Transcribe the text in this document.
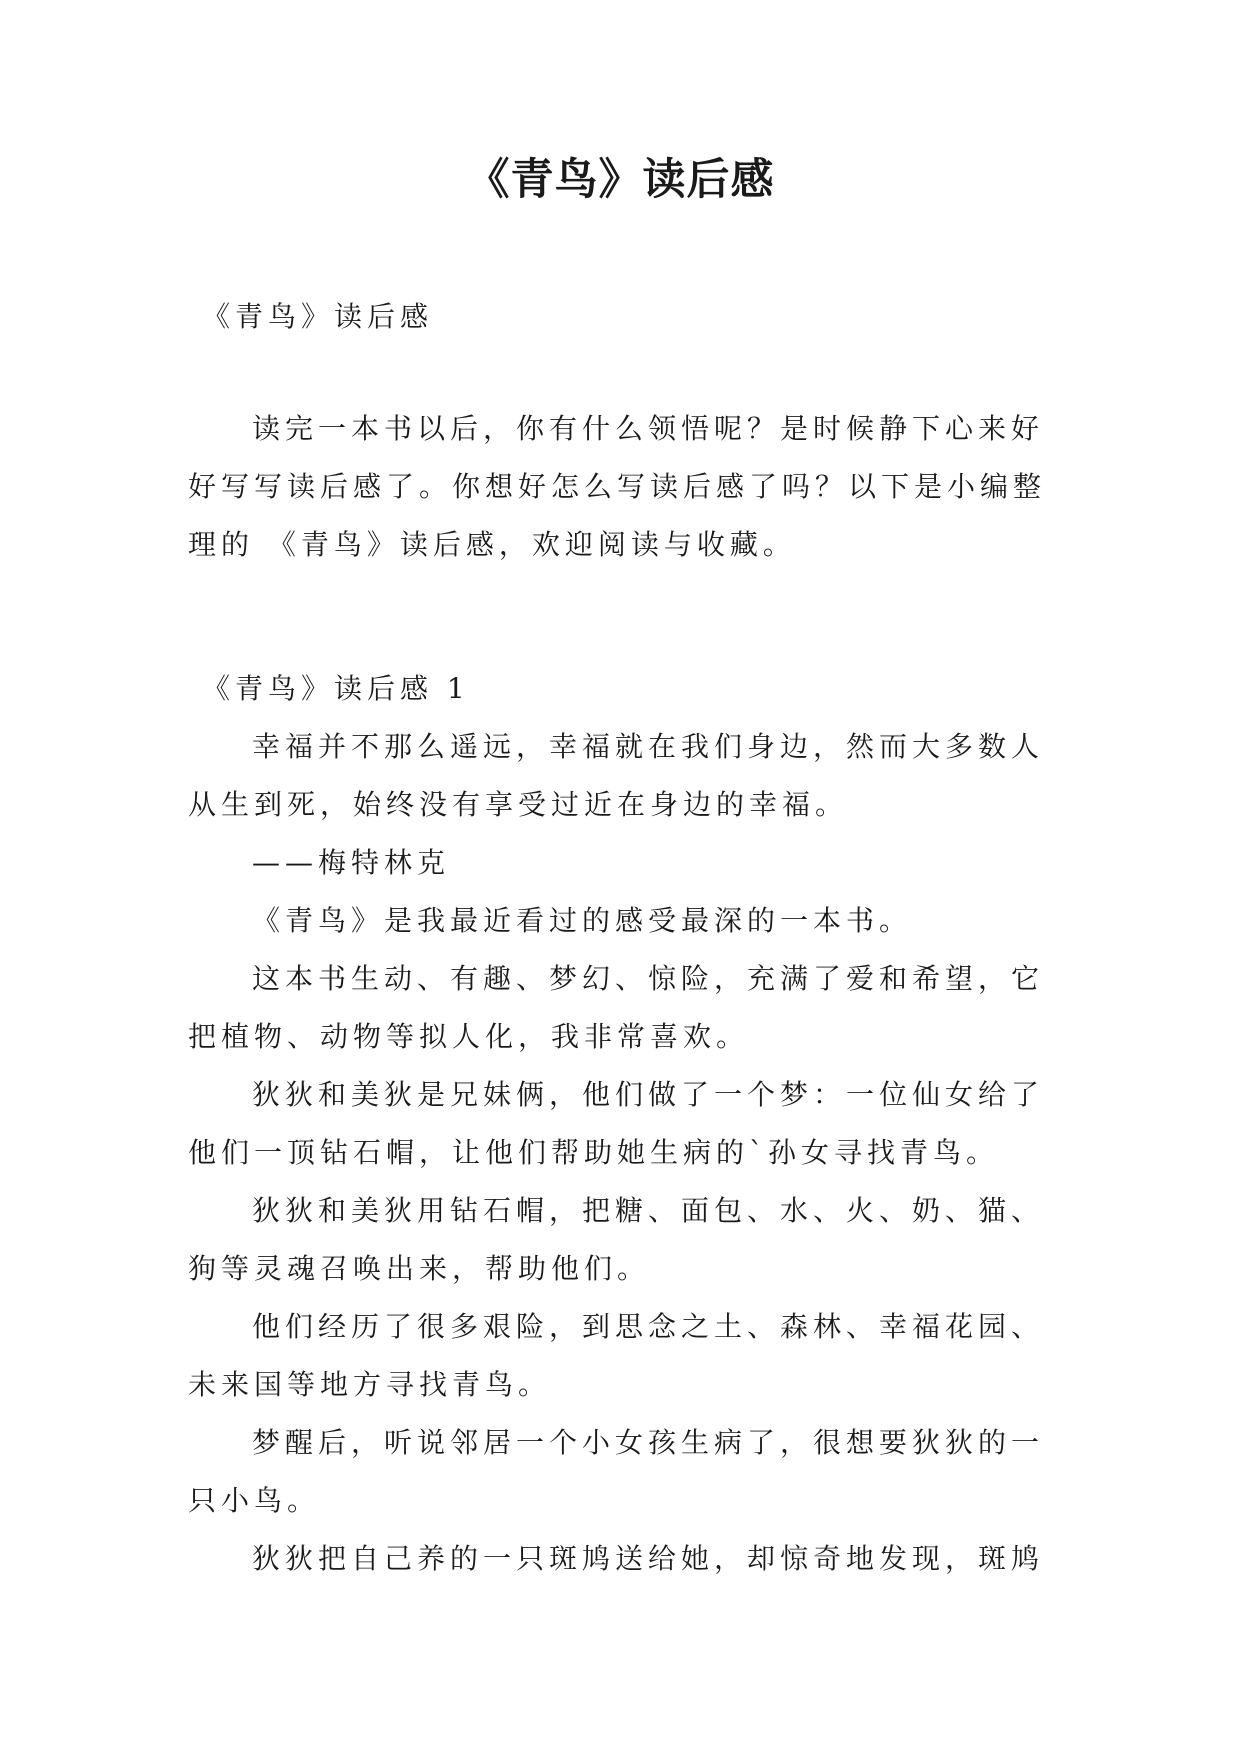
《青鸟》读后感

《青鸟》读后感

读完一本书以后，你有什么领悟呢？是时候静下心来好

好写写读后感了。你想好怎么写读后感了吗？以下是小编整

理的 《青鸟》读后感，欢迎阅读与收藏。

《青鸟》读后感 1

幸福并不那么遥远，幸福就在我们身边，然而大多数人

从生到死，始终没有享受过近在身边的幸福。

——梅特林克

《青鸟》是我最近看过的感受最深的一本书。

这本书生动、有趣、梦幻、惊险，充满了爱和希望，它

把植物、动物等拟人化，我非常喜欢。

狄狄和美狄是兄妹俩，他们做了一个梦：一位仙女给了

他们一顶钻石帽，让他们帮助她生病的`孙女寻找青鸟。

狄狄和美狄用钻石帽，把糖、面包、水、火、奶、猫、

狗等灵魂召唤出来，帮助他们。

他们经历了很多艰险，到思念之土、森林、幸福花园、

未来国等地方寻找青鸟。

梦醒后，听说邻居一个小女孩生病了，很想要狄狄的一

只小鸟。

狄狄把自己养的一只斑鸠送给她，却惊奇地发现，斑鸠
